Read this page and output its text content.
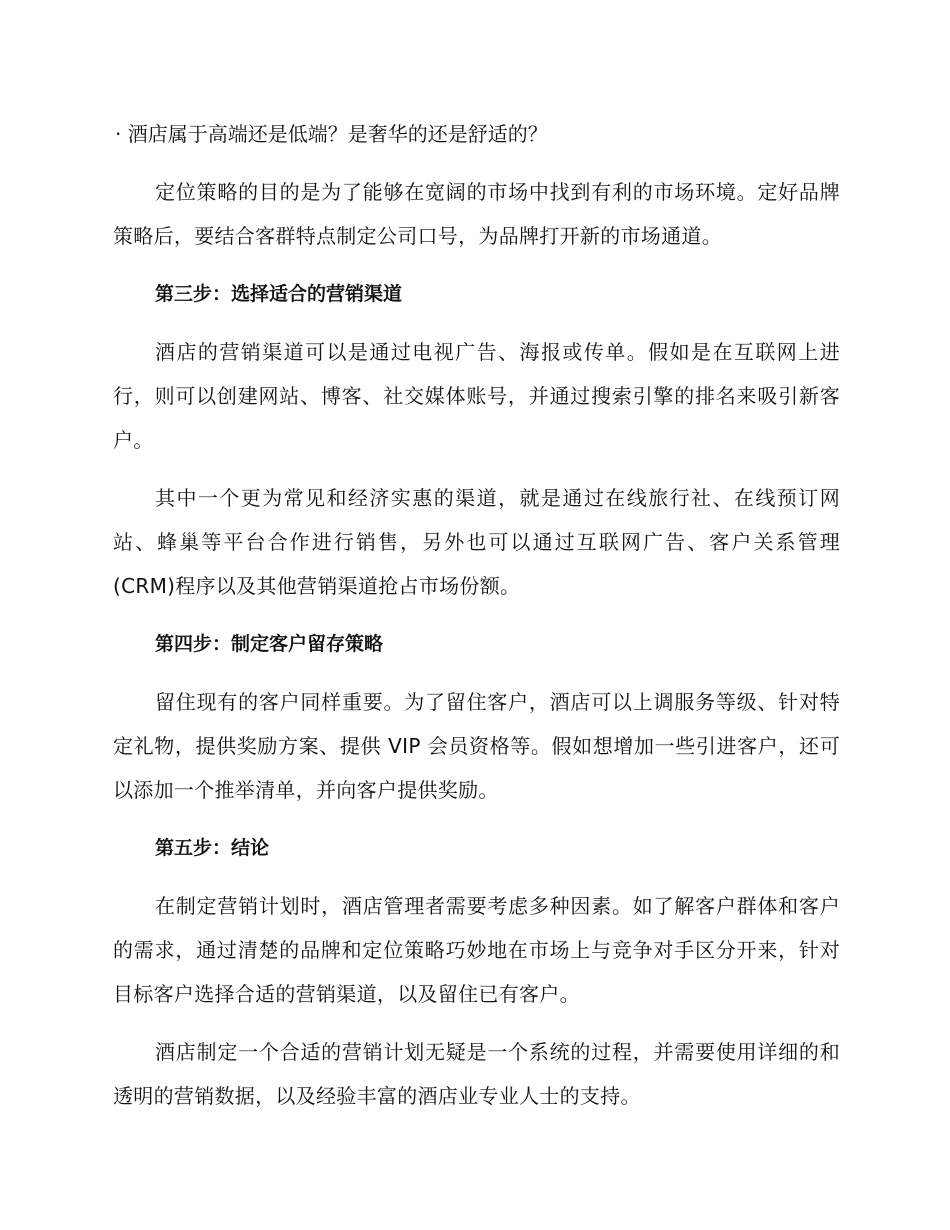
· 酒店属于高端还是低端？是奢华的还是舒适的？

定位策略的目的是为了能够在宽阔的市场中找到有利的市场环境。定好品牌策略后，要结合客群特点制定公司口号，为品牌打开新的市场通道。

第三步：选择适合的营销渠道

酒店的营销渠道可以是通过电视广告、海报或传单。假如是在互联网上进行，则可以创建网站、博客、社交媒体账号，并通过搜索引擎的排名来吸引新客户。

其中一个更为常见和经济实惠的渠道，就是通过在线旅行社、在线预订网站、蜂巢等平台合作进行销售，另外也可以通过互联网广告、客户关系管理(CRM)程序以及其他营销渠道抢占市场份额。

第四步：制定客户留存策略

留住现有的客户同样重要。为了留住客户，酒店可以上调服务等级、针对特定礼物，提供奖励方案、提供 VIP 会员资格等。假如想增加一些引进客户，还可以添加一个推举清单，并向客户提供奖励。

第五步：结论

在制定营销计划时，酒店管理者需要考虑多种因素。如了解客户群体和客户的需求，通过清楚的品牌和定位策略巧妙地在市场上与竞争对手区分开来，针对目标客户选择合适的营销渠道，以及留住已有客户。

酒店制定一个合适的营销计划无疑是一个系统的过程，并需要使用详细的和透明的营销数据，以及经验丰富的酒店业专业人士的支持。
